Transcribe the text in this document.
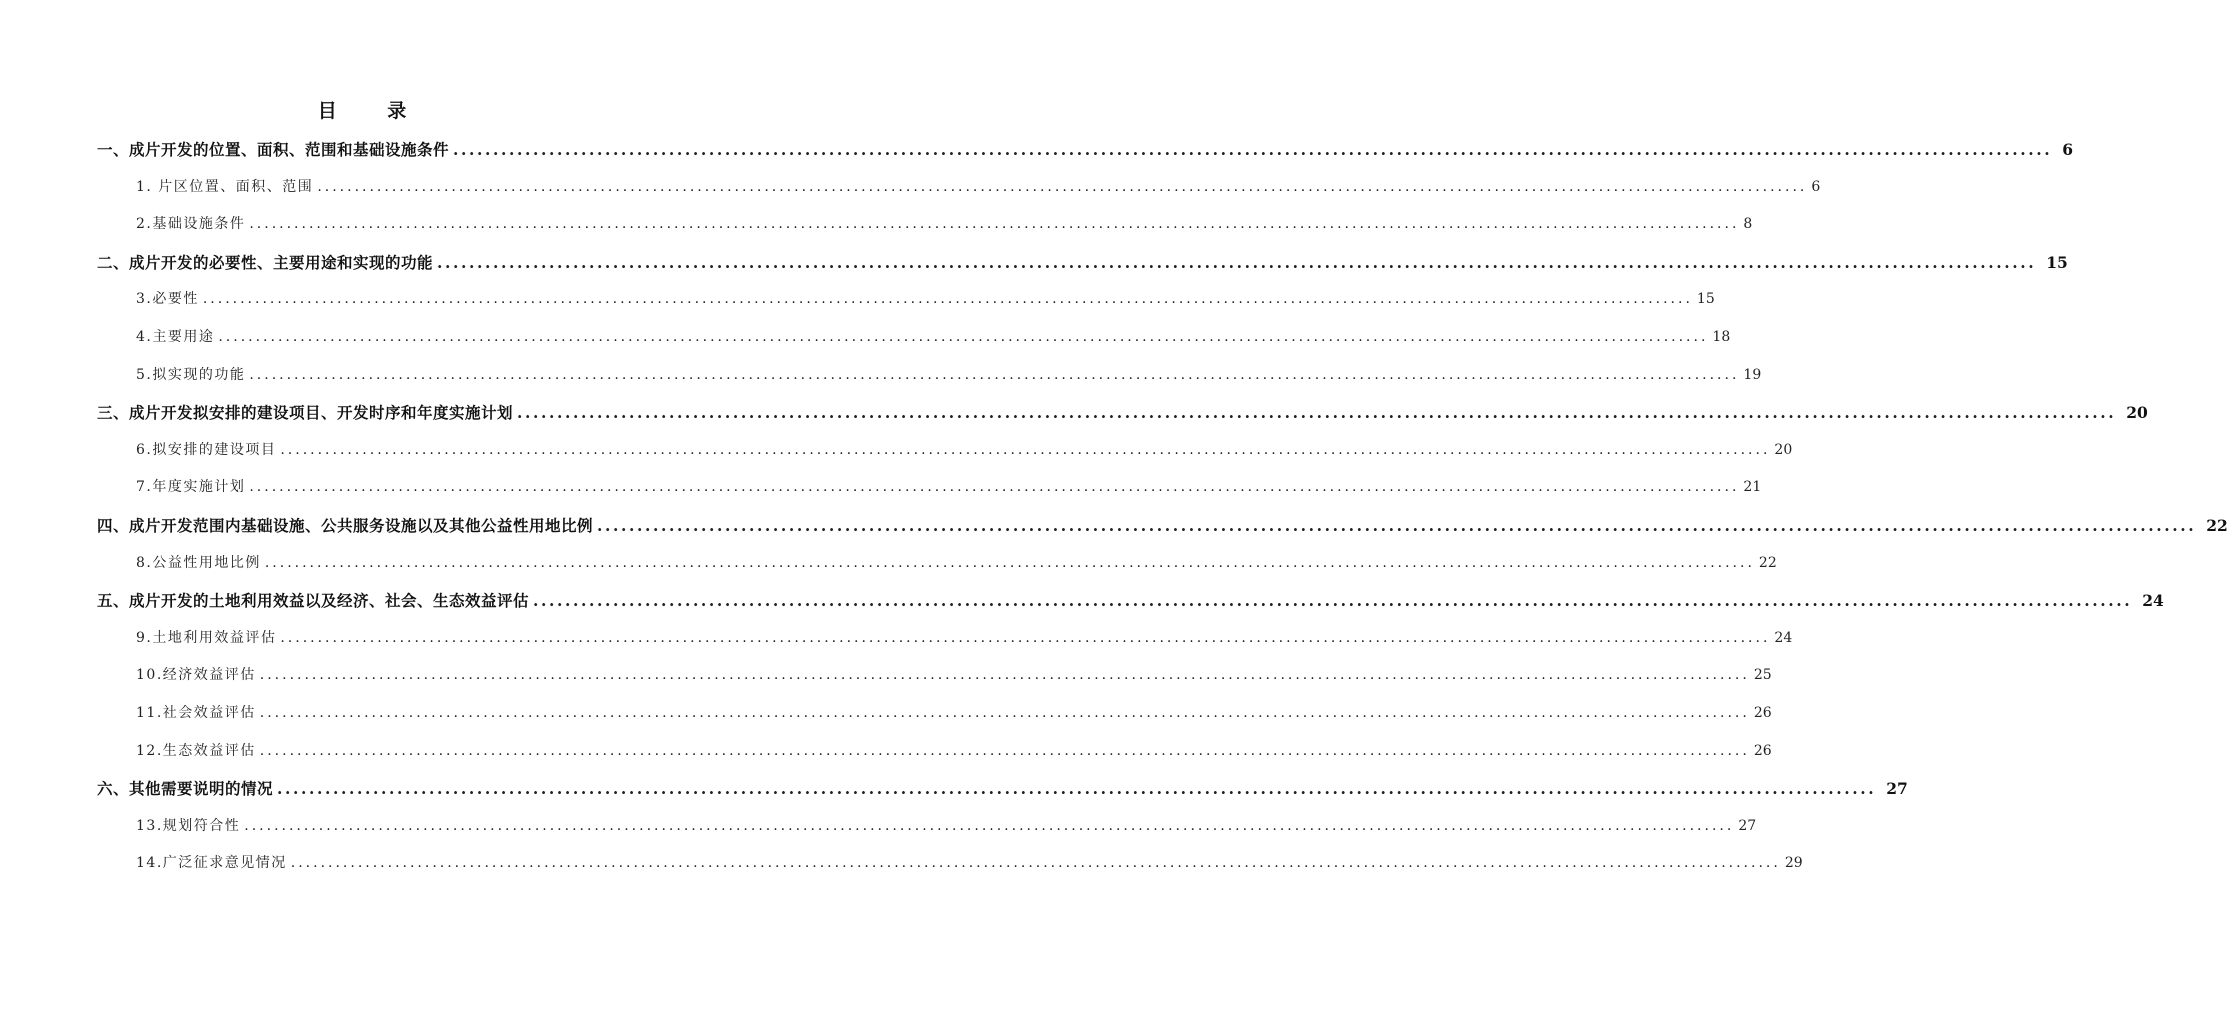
目 录
一、成片开发的位置、面积、范围和基础设施条件 ........................................................................................................................................................................................................ 6
1. 片区位置、面积、范围 ........................................................................................................................................................................................................ 6
2.基础设施条件 ........................................................................................................................................................................................................ 8
二、成片开发的必要性、主要用途和实现的功能 ........................................................................................................................................................................................................ 15
3.必要性 ........................................................................................................................................................................................................ 15
4.主要用途 ........................................................................................................................................................................................................ 18
5.拟实现的功能 ........................................................................................................................................................................................................ 19
三、成片开发拟安排的建设项目、开发时序和年度实施计划 ........................................................................................................................................................................................................ 20
6.拟安排的建设项目 ........................................................................................................................................................................................................ 20
7.年度实施计划 ........................................................................................................................................................................................................ 21
四、成片开发范围内基础设施、公共服务设施以及其他公益性用地比例 ........................................................................................................................................................................................................ 22
8.公益性用地比例 ........................................................................................................................................................................................................ 22
五、成片开发的土地利用效益以及经济、社会、生态效益评估 ........................................................................................................................................................................................................ 24
9.土地利用效益评估 ........................................................................................................................................................................................................ 24
10.经济效益评估 ........................................................................................................................................................................................................ 25
11.社会效益评估 ........................................................................................................................................................................................................ 26
12.生态效益评估 ........................................................................................................................................................................................................ 26
六、其他需要说明的情况 ........................................................................................................................................................................................................ 27
13.规划符合性 ........................................................................................................................................................................................................ 27
14.广泛征求意见情况 ........................................................................................................................................................................................................ 29
